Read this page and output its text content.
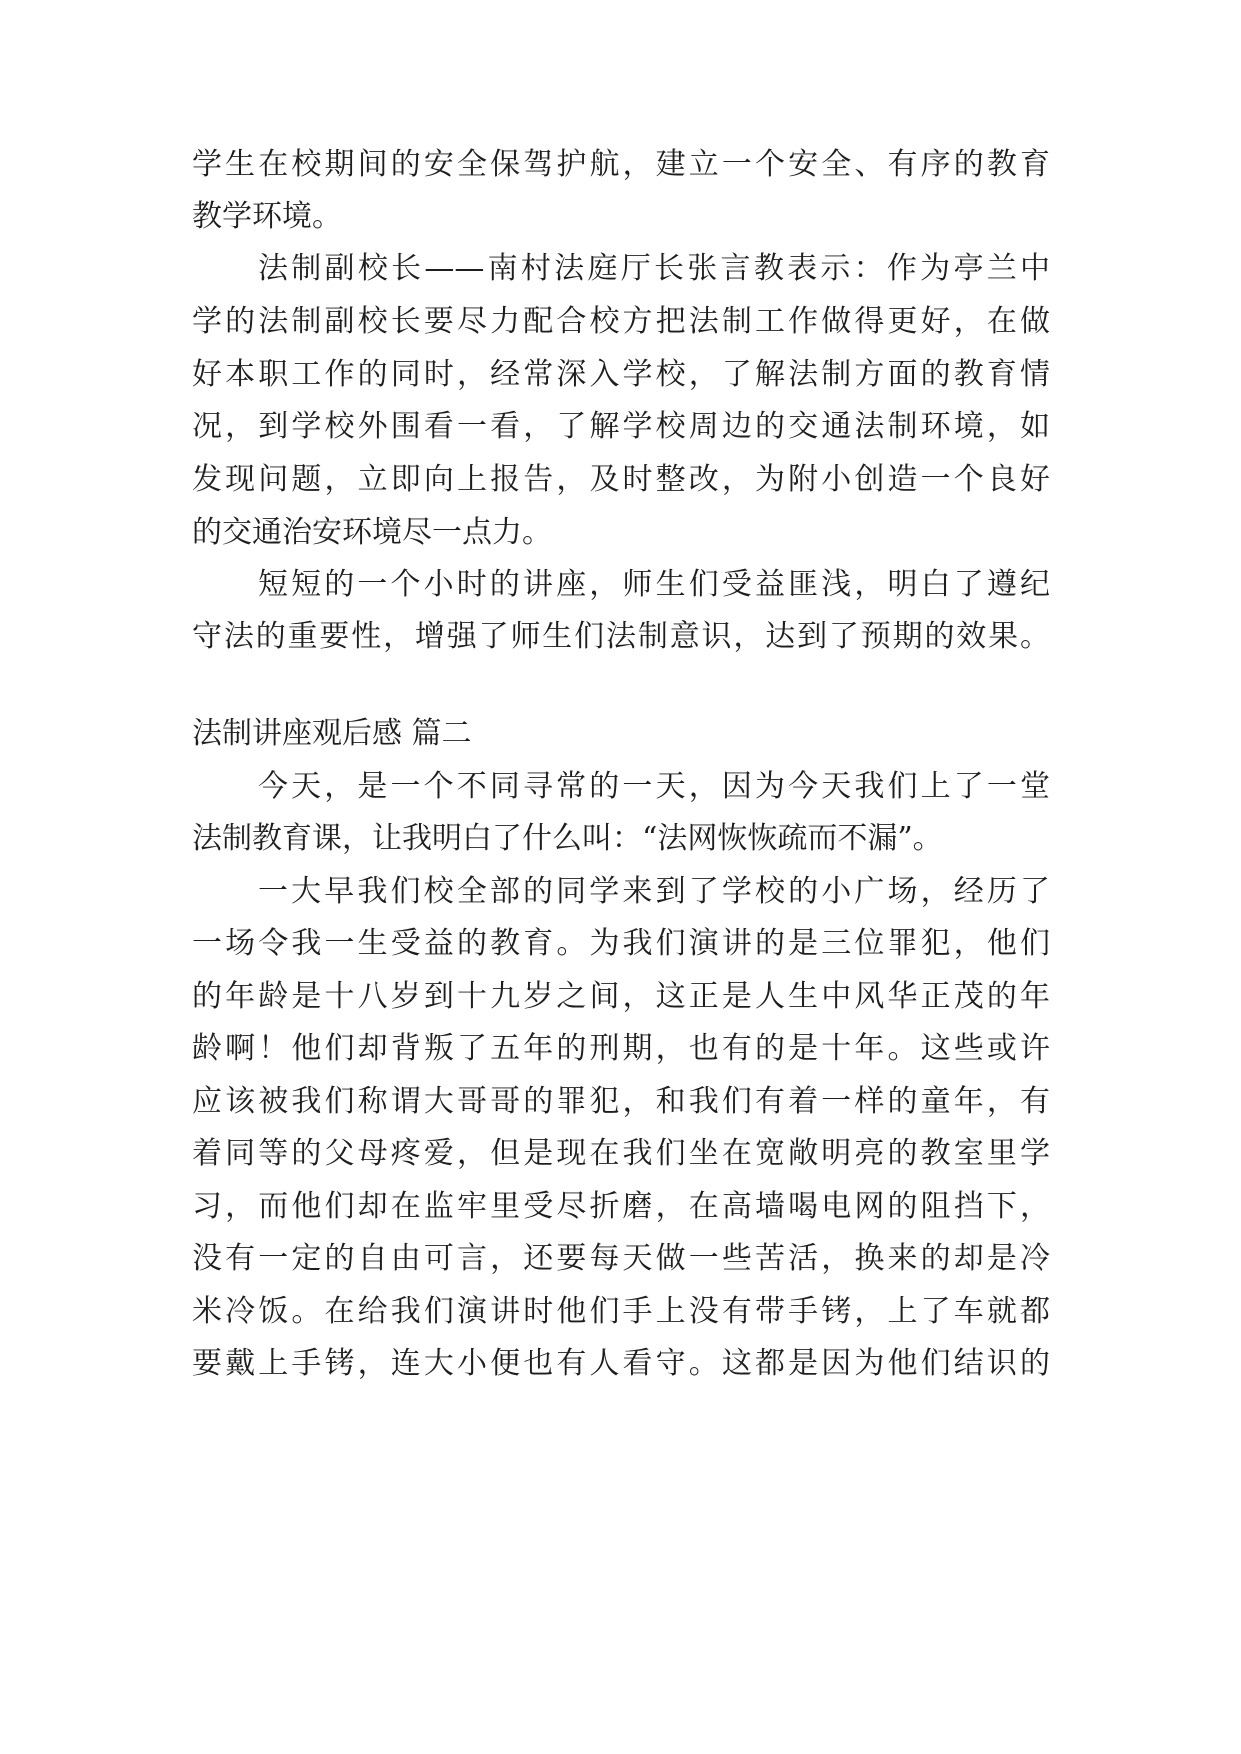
学生在校期间的安全保驾护航，建立一个安全、有序的教育
教学环境。
法制副校长——南村法庭厅长张言教表示：作为亭兰中
学的法制副校长要尽力配合校方把法制工作做得更好，在做
好本职工作的同时，经常深入学校，了解法制方面的教育情
况，到学校外围看一看，了解学校周边的交通法制环境，如
发现问题，立即向上报告，及时整改，为附小创造一个良好
的交通治安环境尽一点力。
短短的一个小时的讲座，师生们受益匪浅，明白了遵纪
守法的重要性，增强了师生们法制意识，达到了预期的效果。
法制讲座观后感 篇二
今天，是一个不同寻常的一天，因为今天我们上了一堂
法制教育课，让我明白了什么叫：“法网恢恢疏而不漏”。
一大早我们校全部的同学来到了学校的小广场，经历了
一场令我一生受益的教育。为我们演讲的是三位罪犯，他们
的年龄是十八岁到十九岁之间，这正是人生中风华正茂的年
龄啊！他们却背叛了五年的刑期，也有的是十年。这些或许
应该被我们称谓大哥哥的罪犯，和我们有着一样的童年，有
着同等的父母疼爱，但是现在我们坐在宽敞明亮的教室里学
习，而他们却在监牢里受尽折磨，在高墙喝电网的阻挡下，
没有一定的自由可言，还要每天做一些苦活，换来的却是冷
米冷饭。在给我们演讲时他们手上没有带手铐，上了车就都
要戴上手铐，连大小便也有人看守。这都是因为他们结识的
